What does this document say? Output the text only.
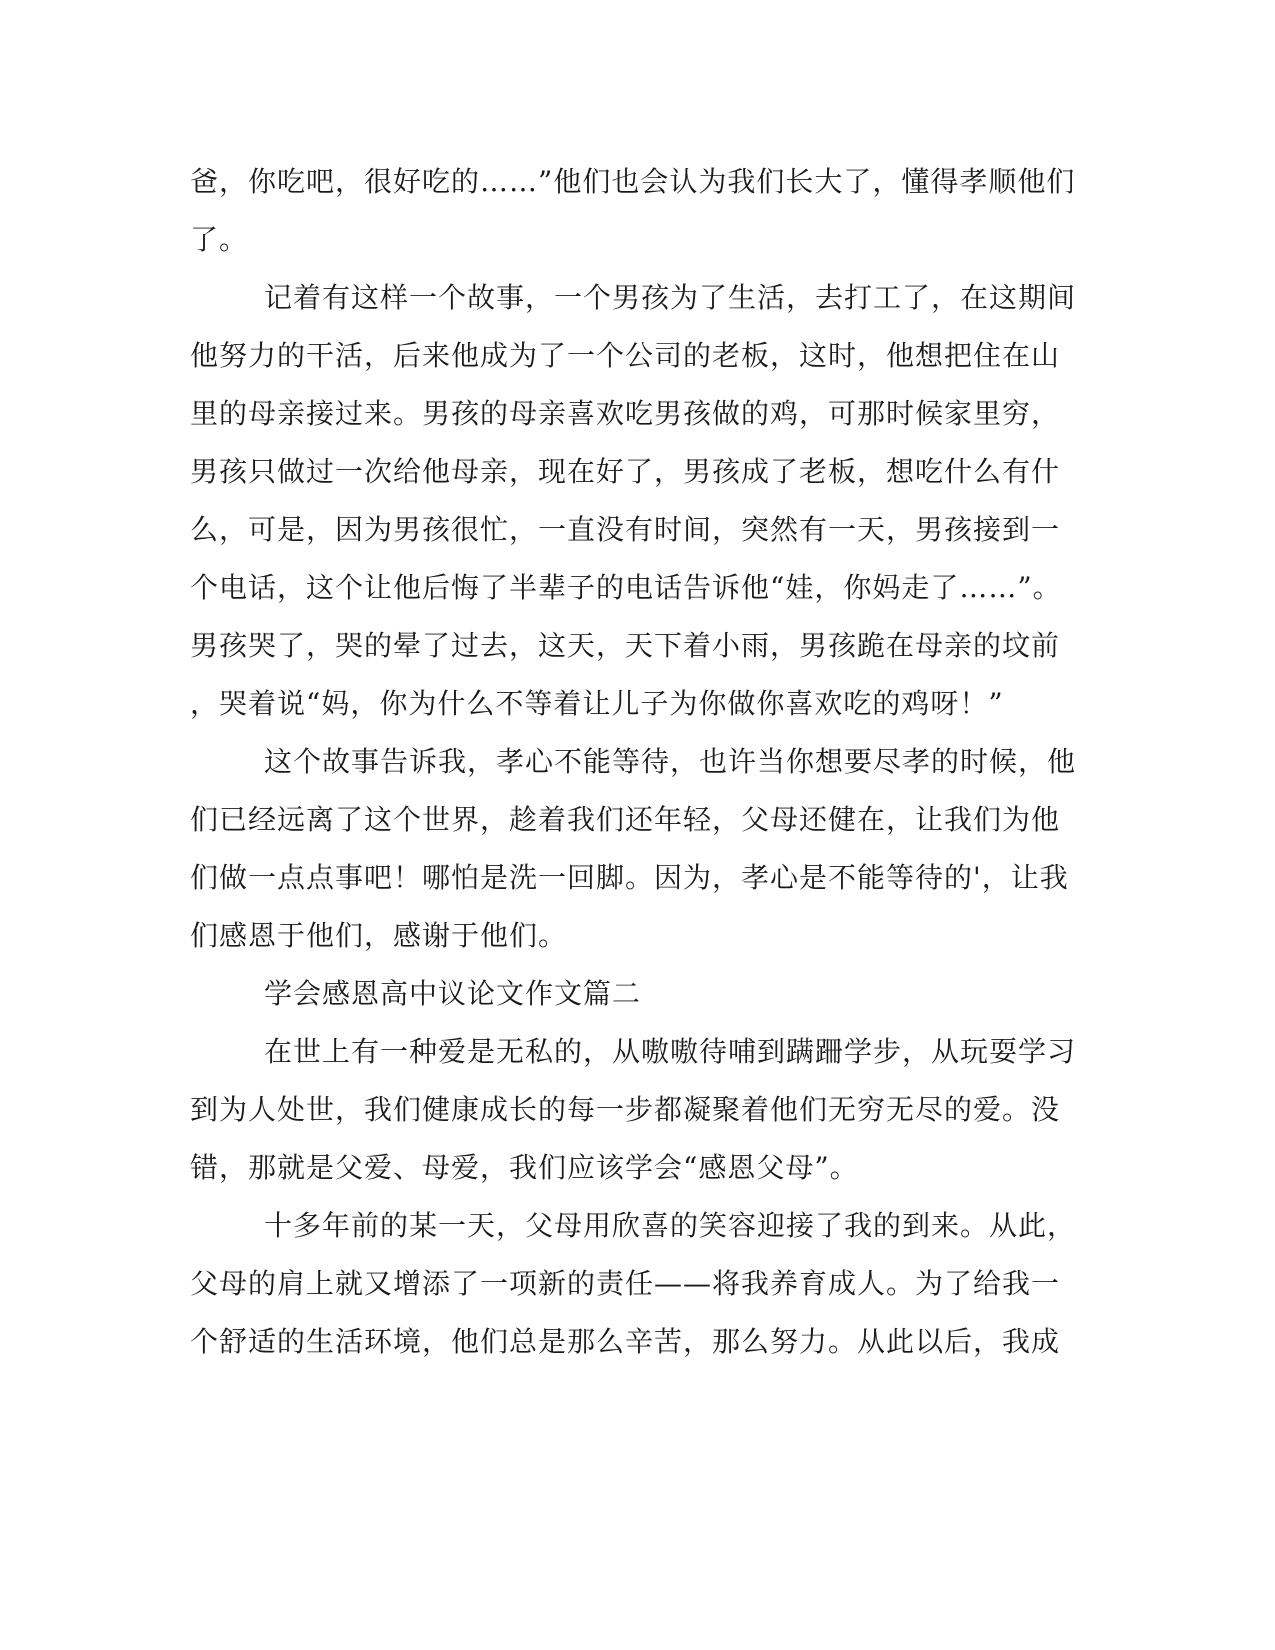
爸，你吃吧，很好吃的……”他们也会认为我们长大了，懂得孝顺他们
了。
记着有这样一个故事，一个男孩为了生活，去打工了，在这期间
他努力的干活，后来他成为了一个公司的老板，这时，他想把住在山
里的母亲接过来。男孩的母亲喜欢吃男孩做的鸡，可那时候家里穷，
男孩只做过一次给他母亲，现在好了，男孩成了老板，想吃什么有什
么，可是，因为男孩很忙，一直没有时间，突然有一天，男孩接到一
个电话，这个让他后悔了半辈子的电话告诉他“娃，你妈走了……”。
男孩哭了，哭的晕了过去，这天，天下着小雨，男孩跪在母亲的坟前
，哭着说“妈，你为什么不等着让儿子为你做你喜欢吃的鸡呀！”
这个故事告诉我，孝心不能等待，也许当你想要尽孝的时候，他
们已经远离了这个世界，趁着我们还年轻，父母还健在，让我们为他
们做一点点事吧！哪怕是洗一回脚。因为，孝心是不能等待的'，让我
们感恩于他们，感谢于他们。
学会感恩高中议论文作文篇二
在世上有一种爱是无私的，从嗷嗷待哺到蹒跚学步，从玩耍学习
到为人处世，我们健康成长的每一步都凝聚着他们无穷无尽的爱。没
错，那就是父爱、母爱，我们应该学会“感恩父母”。
十多年前的某一天，父母用欣喜的笑容迎接了我的到来。从此，
父母的肩上就又增添了一项新的责任——将我养育成人。为了给我一
个舒适的生活环境，他们总是那么辛苦，那么努力。从此以后，我成
